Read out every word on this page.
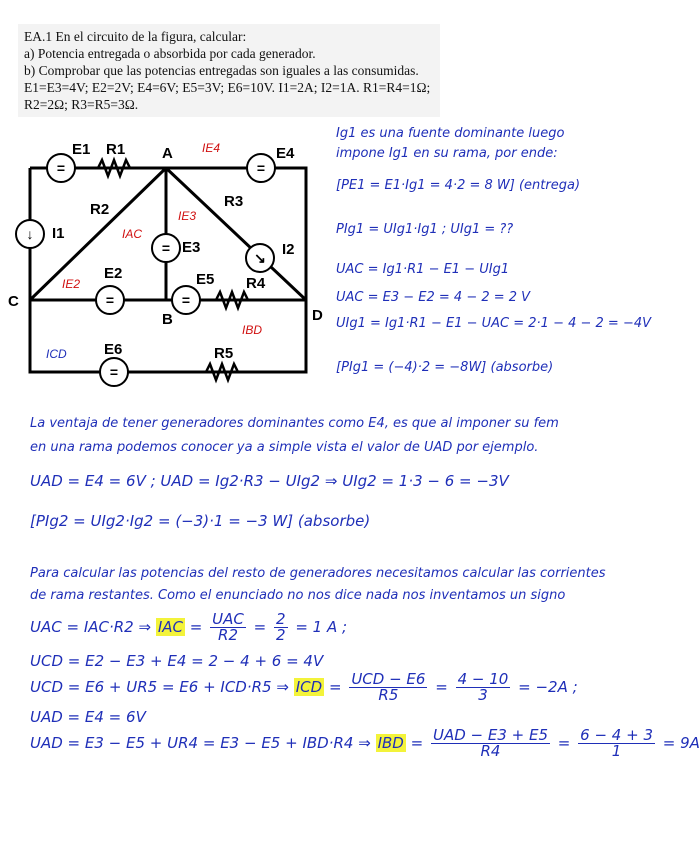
EA.1 En el circuito de la figura, calcular:
a) Potencia entregada o absorbida por cada generador.
b) Comprobar que las potencias entregadas son iguales a las consumidas.
E1=E3=4V; E2=2V; E4=6V; E5=3V; E6=10V. I1=2A; I2=1A. R1=R4=1Ω;
R2=2Ω; R3=R5=3Ω.
=	=
=
=	=
=
↓
↘
E1 R1 A	E4
R2	R3
I1
I2
E3
E2	E5 R4
C
B	D
E6	R5
IE4
IE3
IAC
IE2
IBD
ICD
Ig1 es una fuente dominante luego
impone Ig1 en su rama, por ende:
[PE1 = E1·Ig1 = 4·2 = 8 W] (entrega)
PIg1 = UIg1·Ig1 ; UIg1 = ??
UAC = Ig1·R1 − E1 − UIg1
UAC = E3 − E2 = 4 − 2 = 2 V
UIg1 = Ig1·R1 − E1 − UAC = 2·1 − 4 − 2 = −4V
[PIg1 = (−4)·2 = −8W] (absorbe)
La ventaja de tener generadores dominantes como E4, es que al imponer su fem
en una rama podemos conocer ya a simple vista el valor de UAD por ejemplo.
UAD = E4 = 6V ; UAD = Ig2·R3 − UIg2 ⇒ UIg2 = 1·3 − 6 = −3V
[PIg2 = UIg2·Ig2 = (−3)·1 = −3 W] (absorbe)
Para calcular las potencias del resto de generadores necesitamos calcular las corrientes
de rama restantes. Como el enunciado no nos dice nada nos inventamos un signo
UAC = IAC·R2 ⇒ IAC = $\frac{\text{UAC}}{R2} = \frac{2}{2} = 1$ A ;
UCD = E2 − E3 + E4 = 2 − 4 + 6 = 4V
UCD = E6 + UR5 = E6 + ICD·R5 ⇒ ICD = $\frac{\text{UCD − E6}}{R5} = \frac{4 - 10}{3} = -2A$ ;
UAD = E4 = 6V
UAD = E3 − E5 + UR4 = E3 − E5 + IBD·R4 ⇒ IBD = $\frac{\text{UAD − E3 + E5}}{R4} = \frac{6 - 4 + 3}{1} = 9A$
